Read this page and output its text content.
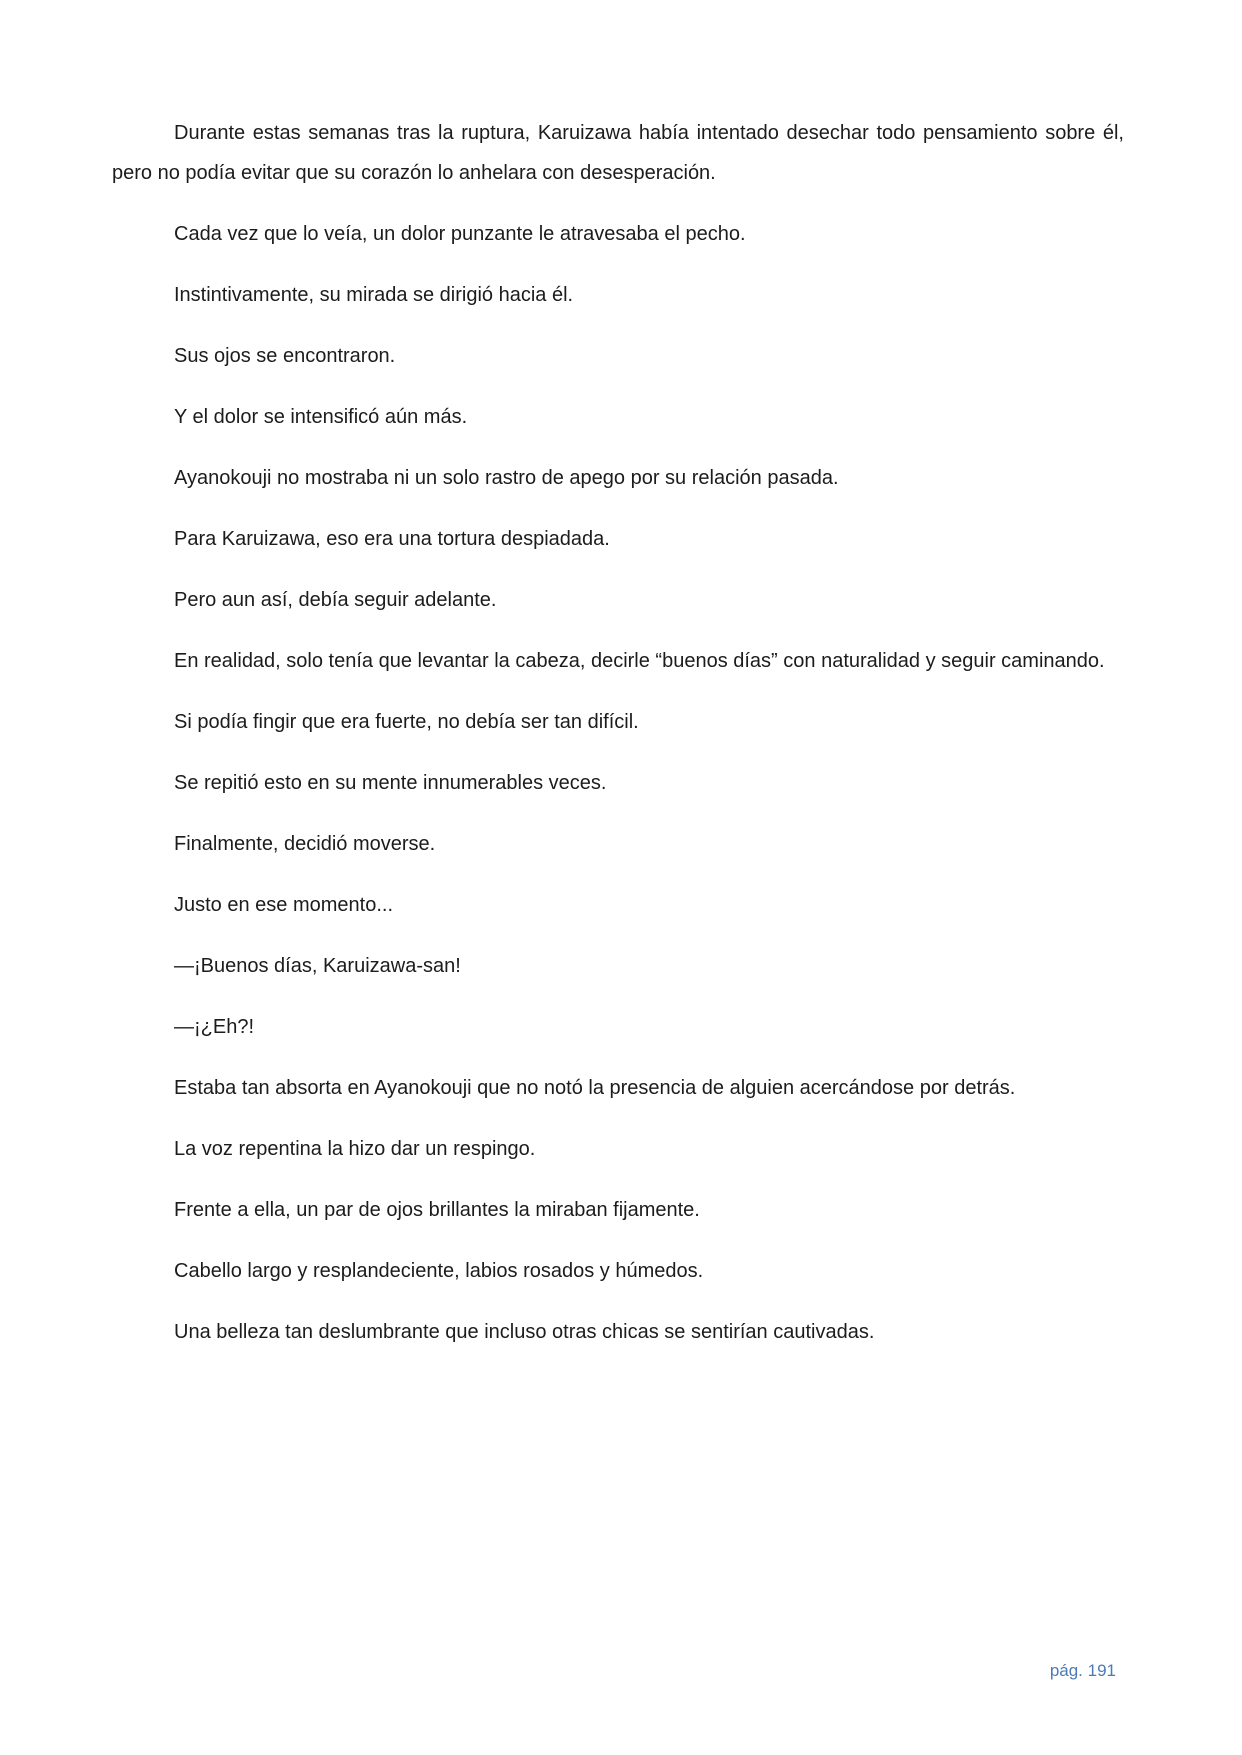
Durante estas semanas tras la ruptura, Karuizawa había intentado desechar todo pensamiento sobre él, pero no podía evitar que su corazón lo anhelara con desesperación.

Cada vez que lo veía, un dolor punzante le atravesaba el pecho.

Instintivamente, su mirada se dirigió hacia él.

Sus ojos se encontraron.

Y el dolor se intensificó aún más.

Ayanokouji no mostraba ni un solo rastro de apego por su relación pasada.

Para Karuizawa, eso era una tortura despiadada.

Pero aun así, debía seguir adelante.

En realidad, solo tenía que levantar la cabeza, decirle “buenos días” con naturalidad y seguir caminando.

Si podía fingir que era fuerte, no debía ser tan difícil.

Se repitió esto en su mente innumerables veces.

Finalmente, decidió moverse.

Justo en ese momento...

—¡Buenos días, Karuizawa-san!

—¡¿Eh?!

Estaba tan absorta en Ayanokouji que no notó la presencia de alguien acercándose por detrás.

La voz repentina la hizo dar un respingo.

Frente a ella, un par de ojos brillantes la miraban fijamente.

Cabello largo y resplandeciente, labios rosados y húmedos.

Una belleza tan deslumbrante que incluso otras chicas se sentirían cautivadas.

pág. 191
